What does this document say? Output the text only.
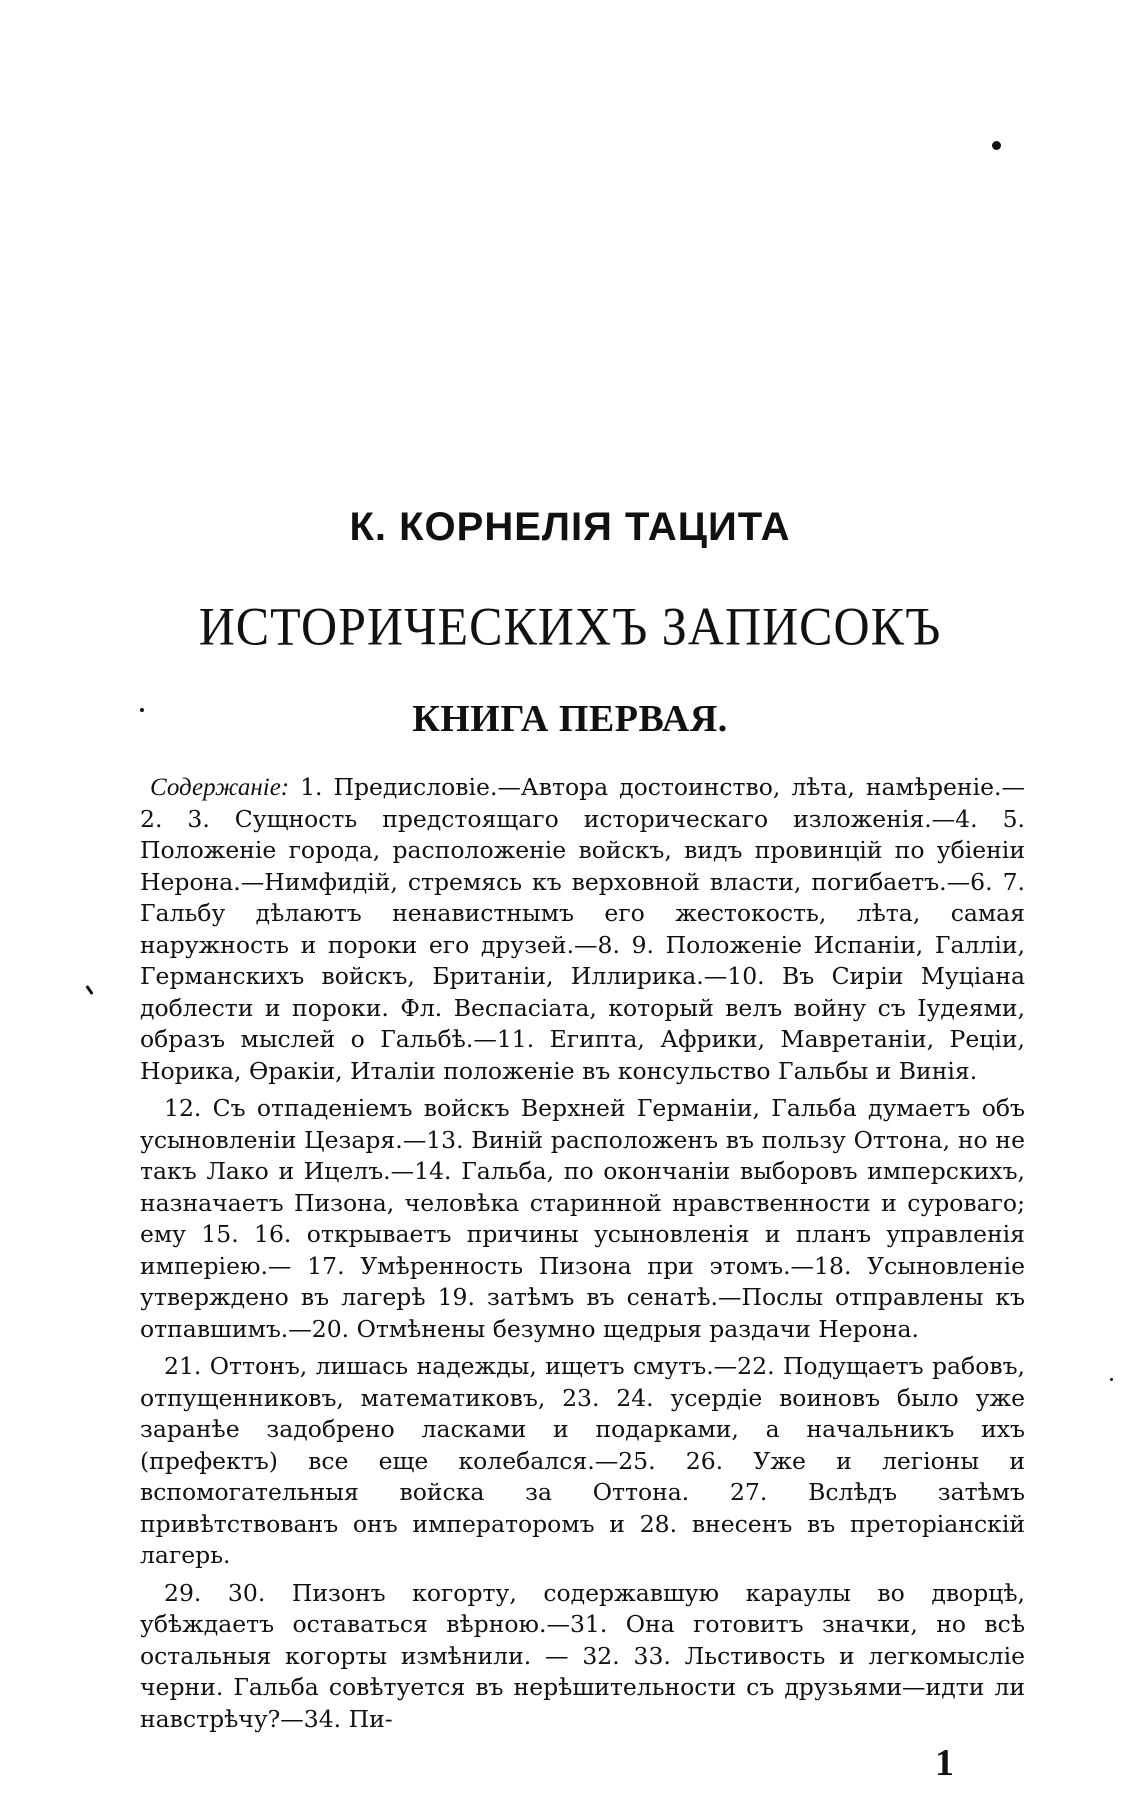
К. КОРНЕЛІЯ ТАЦИТА
ИСТОРИЧЕСКИХЪ ЗАПИСОКЪ
КНИГА ПЕРВАЯ.

Содержаніе: 1. Предисловіе.—Автора достоинство, лѣта, намѣреніе.—2. 3. Сущность предстоящаго историческаго изложенія.—4. 5. Положеніе города, расположеніе войскъ, видъ провинцій по убіеніи Нерона.—Нимфидій, стремясь къ верховной власти, погибаетъ.—6. 7. Гальбу дѣлаютъ ненавистнымъ его жестокость, лѣта, самая наружность и пороки его друзей.—8. 9. Положеніе Испаніи, Галліи, Германскихъ войскъ, Британіи, Иллирика.—10. Въ Сиріи Муціана доблести и пороки. Фл. Веспасіата, который велъ войну съ Іудеями, образъ мыслей о Гальбѣ.—11. Египта, Африки, Мавретаніи, Реціи, Норика, Ѳракіи, Италіи положеніе въ консульство Гальбы и Винія.

12. Съ отпаденіемъ войскъ Верхней Германіи, Гальба думаетъ объ усыновленіи Цезаря.—13. Виній расположенъ въ пользу Оттона, но не такъ Лако и Ицелъ.—14. Гальба, по окончаніи выборовъ имперскихъ, назначаетъ Пизона, человѣка старинной нравственности и суроваго; ему 15. 16. открываетъ причины усыновленія и планъ управленія имперіею.— 17. Умѣренность Пизона при этомъ.—18. Усыновленіе утверждено въ лагерѣ 19. затѣмъ въ сенатѣ.—Послы отправлены къ отпавшимъ.—20. Отмѣнены безумно щедрыя раздачи Нерона.

21. Оттонъ, лишась надежды, ищетъ смутъ.—22. Подущаетъ рабовъ, отпущенниковъ, математиковъ, 23. 24. усердіе воиновъ было уже заранѣе задобрено ласками и подарками, а начальникъ ихъ (префектъ) все еще колебался.—25. 26. Уже и легіоны и вспомогательныя войска за Оттона. 27. Вслѣдъ затѣмъ привѣтствованъ онъ императоромъ и 28. внесенъ въ преторіанскій лагерь.

29. 30. Пизонъ когорту, содержавшую караулы во дворцѣ, убѣждаетъ оставаться вѣрною.—31. Она готовитъ значки, но всѣ остальныя когорты измѣнили. — 32. 33. Льстивость и легкомысліе черни. Гальба совѣтуется въ нерѣшительности съ друзьями—идти ли навстрѣчу?—34. Пи-

1
